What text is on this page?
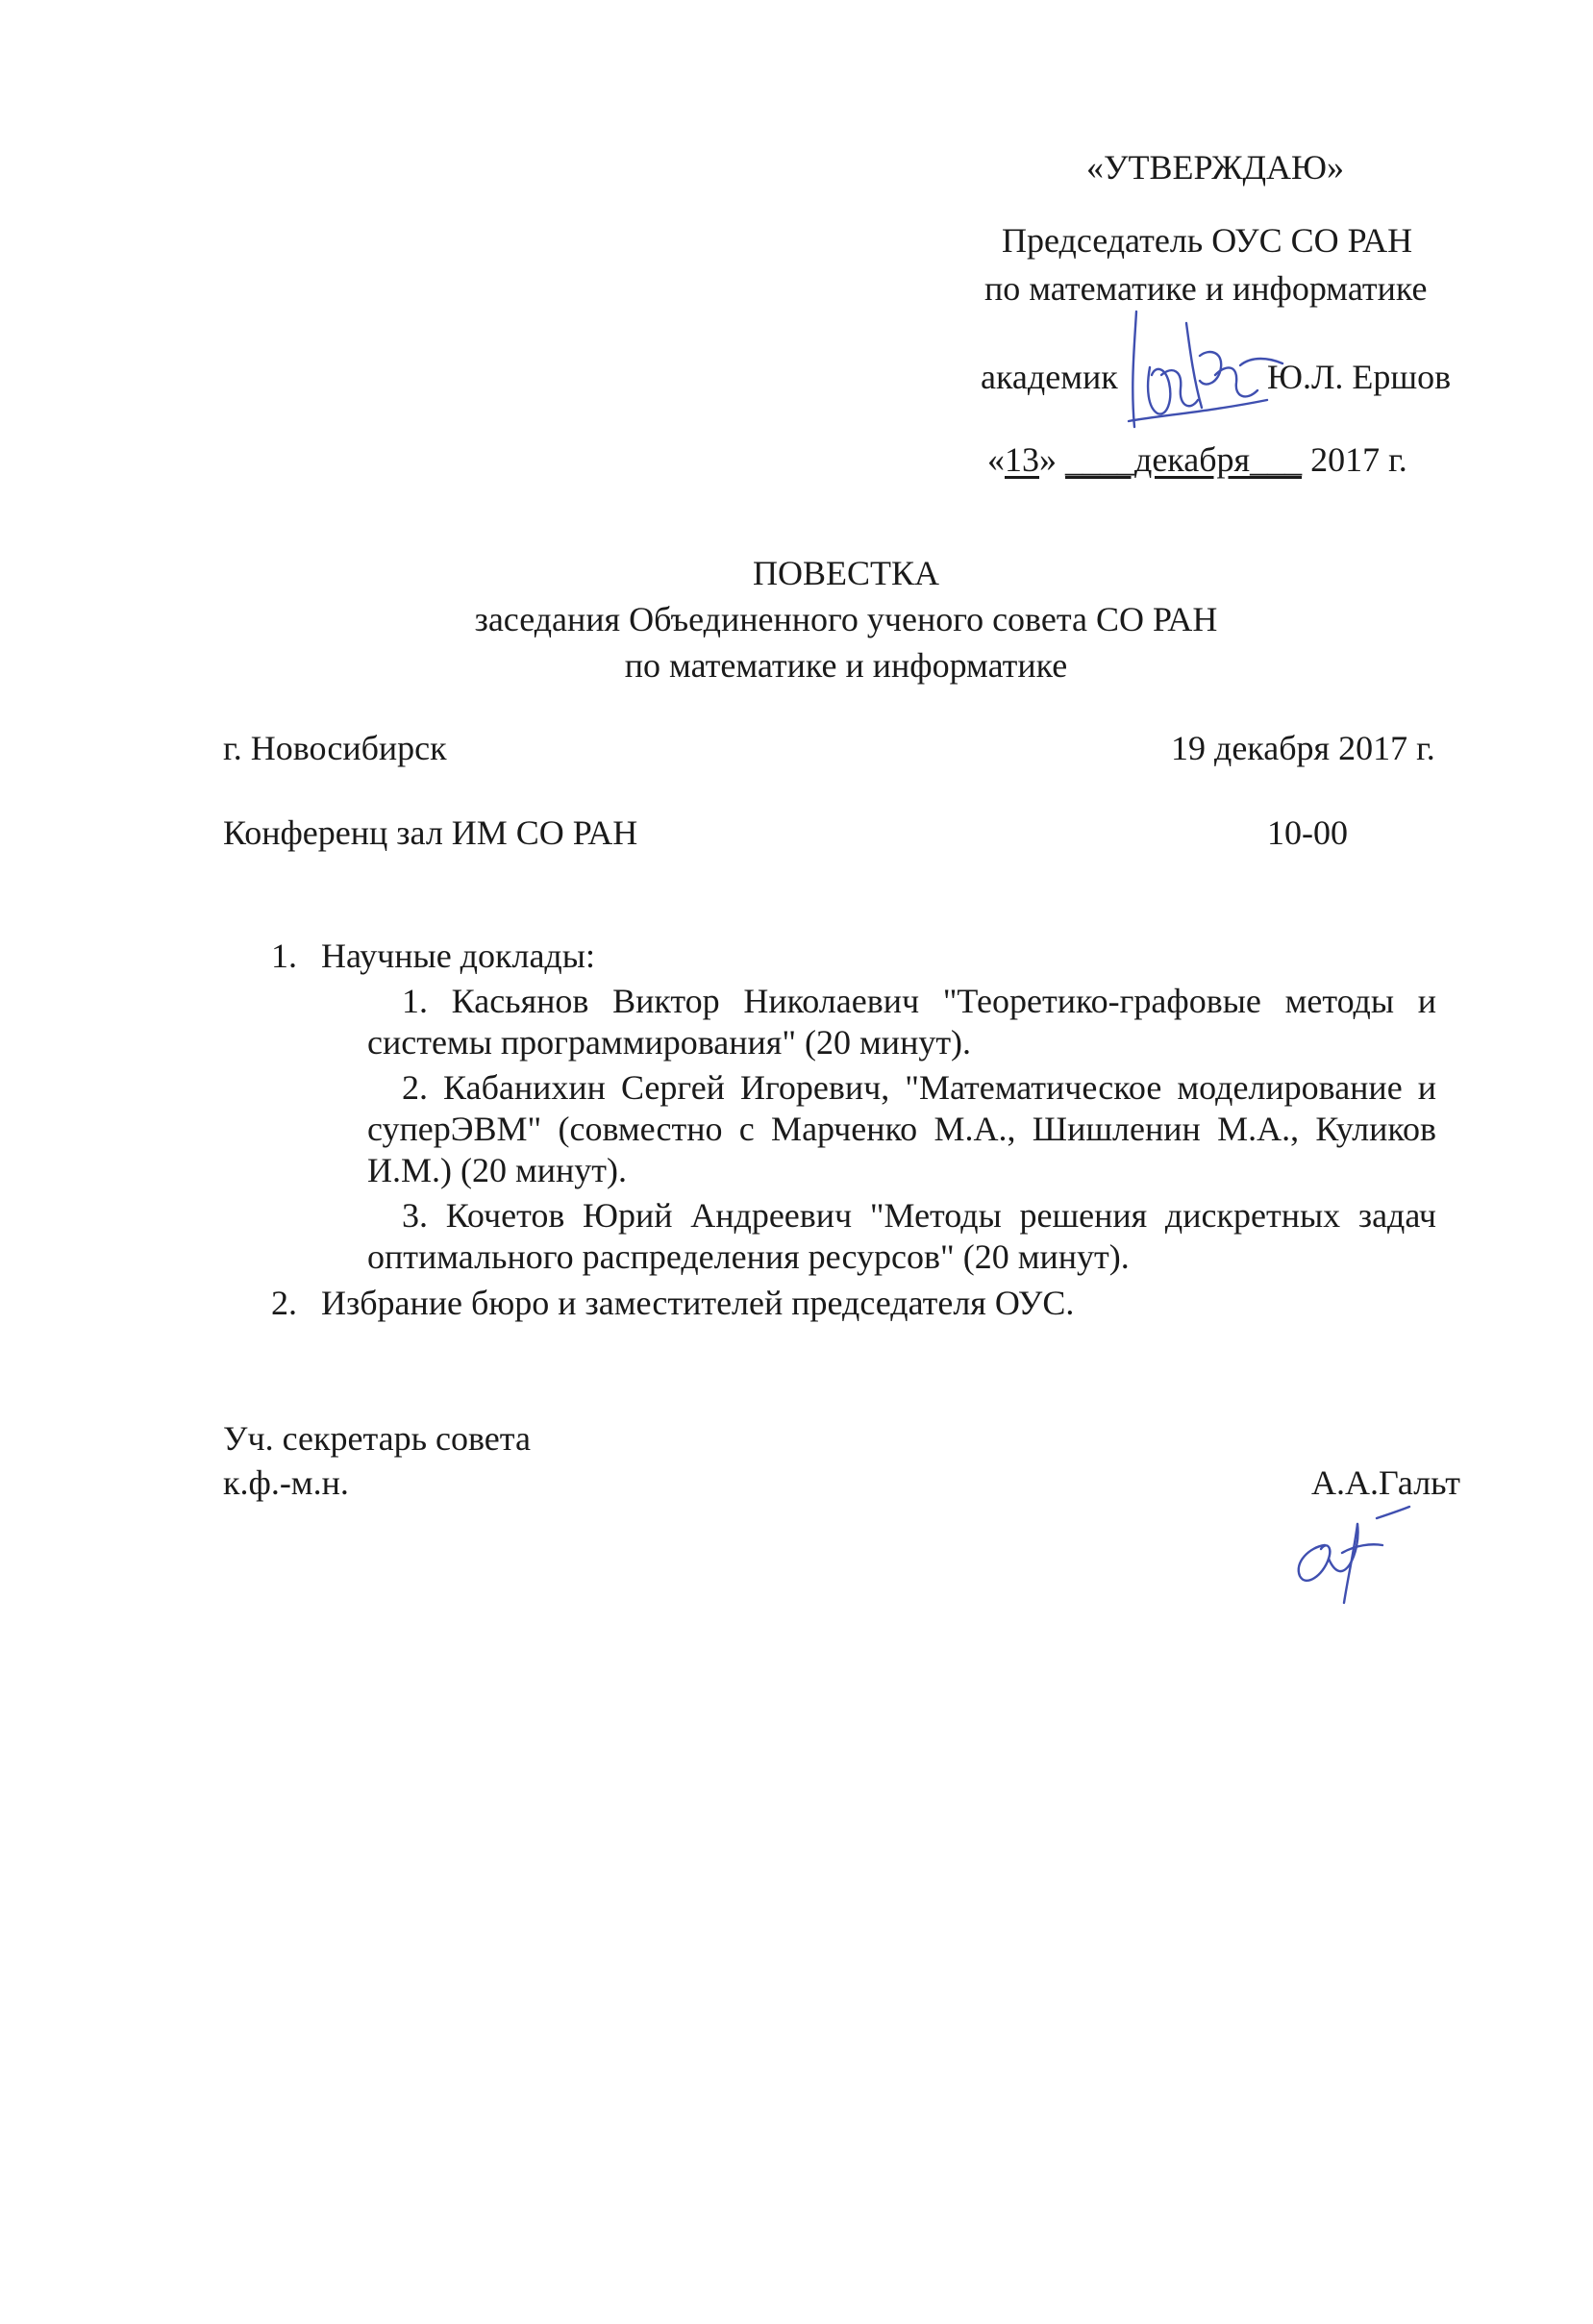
«УТВЕРЖДАЮ»
Председатель ОУС СО РАН
по математике и информатике
академик	Ю.Л. Ершов
«13» ____декабря___ 2017 г.
ПОВЕСТКА
заседания Объединенного ученого совета СО РАН
по математике и информатике
г. Новосибирск	19 декабря 2017 г.
Конференц зал ИМ СО РАН	10-00
1. Научные доклады:
1. Касьянов Виктор Николаевич "Теоретико-графовые методы и системы программирования" (20 минут).
2. Кабанихин Сергей Игоревич, "Математическое моделирование и суперЭВМ" (совместно с Марченко М.А., Шишленин М.А., Куликов И.М.) (20 минут).
3. Кочетов Юрий Андреевич "Методы решения дискретных задач оптимального распределения ресурсов" (20 минут).
2. Избрание бюро и заместителей председателя ОУС.
Уч. секретарь совета
к.ф.-м.н.	А.А.Гальт
